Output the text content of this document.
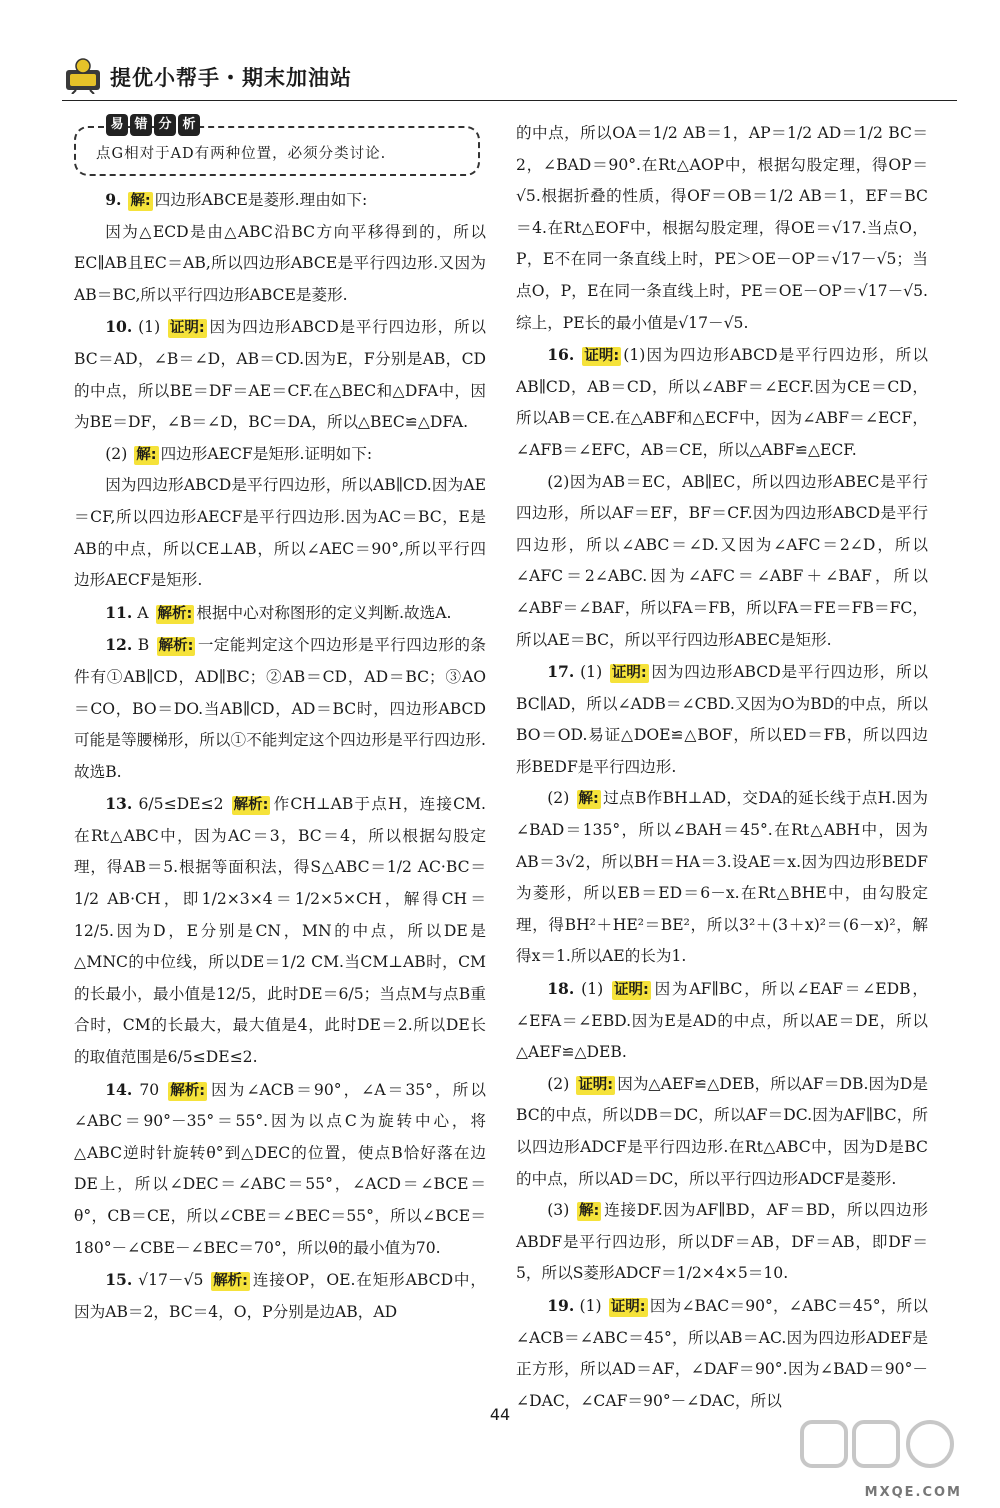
提优小帮手・期末加油站
易 错 分 析
点G相对于AD有两种位置，必须分类讨论.

9. 解: 四边形ABCE是菱形.理由如下:

因为△ECD是由△ABC沿BC方向平移得到的，所以EC∥AB且EC＝AB,所以四边形ABCE是平行四边形.又因为AB＝BC,所以平行四边形ABCE是菱形.

10. (1) 证明: 因为四边形ABCD是平行四边形，所以BC＝AD，∠B＝∠D，AB＝CD.因为E，F分别是AB，CD的中点，所以BE＝DF＝AE＝CF.在△BEC和△DFA中，因为BE＝DF，∠B＝∠D，BC＝DA，所以△BEC≌△DFA.

(2) 解: 四边形AECF是矩形.证明如下:

因为四边形ABCD是平行四边形，所以AB∥CD.因为AE＝CF,所以四边形AECF是平行四边形.因为AC＝BC，E是AB的中点，所以CE⊥AB，所以∠AEC＝90°,所以平行四边形AECF是矩形.

11. A 解析: 根据中心对称图形的定义判断.故选A.

12. B 解析: 一定能判定这个四边形是平行四边形的条件有①AB∥CD，AD∥BC；②AB＝CD，AD＝BC；③AO＝CO，BO＝DO.当AB∥CD，AD＝BC时，四边形ABCD可能是等腰梯形，所以①不能判定这个四边形是平行四边形.故选B.

13. 6/5≤DE≤2 解析: 作CH⊥AB于点H，连接CM.在Rt△ABC中，因为AC＝3，BC＝4，所以根据勾股定理，得AB＝5.根据等面积法，得S△ABC＝1/2 AC·BC＝1/2 AB·CH，即1/2×3×4＝1/2×5×CH，解得CH＝12/5.因为D，E分别是CN，MN的中点，所以DE是△MNC的中位线，所以DE＝1/2 CM.当CM⊥AB时，CM的长最小，最小值是12/5，此时DE＝6/5；当点M与点B重合时，CM的长最大，最大值是4，此时DE＝2.所以DE长的取值范围是6/5≤DE≤2.

14. 70 解析: 因为∠ACB＝90°，∠A＝35°，所以∠ABC＝90°－35°＝55°.因为以点C为旋转中心，将△ABC逆时针旋转θ°到△DEC的位置，使点B恰好落在边DE上，所以∠DEC＝∠ABC＝55°，∠ACD＝∠BCE＝θ°，CB＝CE，所以∠CBE＝∠BEC＝55°，所以∠BCE＝180°－∠CBE－∠BEC＝70°，所以θ的最小值为70.

15. √17－√5 解析: 连接OP，OE.在矩形ABCD中，因为AB＝2，BC＝4，O，P分别是边AB，AD

的中点，所以OA＝1/2 AB＝1，AP＝1/2 AD＝1/2 BC＝2，∠BAD＝90°.在Rt△AOP中，根据勾股定理，得OP＝√5.根据折叠的性质，得OF＝OB＝1/2 AB＝1，EF＝BC＝4.在Rt△EOF中，根据勾股定理，得OE＝√17.当点O，P，E不在同一条直线上时，PE＞OE－OP＝√17－√5；当点O，P，E在同一条直线上时，PE＝OE－OP＝√17－√5.综上，PE长的最小值是√17－√5.

16. 证明: (1)因为四边形ABCD是平行四边形，所以AB∥CD，AB＝CD，所以∠ABF＝∠ECF.因为CE＝CD，所以AB＝CE.在△ABF和△ECF中，因为∠ABF＝∠ECF，∠AFB＝∠EFC，AB＝CE，所以△ABF≌△ECF.

(2)因为AB＝EC，AB∥EC，所以四边形ABEC是平行四边形，所以AF＝EF，BF＝CF.因为四边形ABCD是平行四边形，所以∠ABC＝∠D.又因为∠AFC＝2∠D，所以∠AFC＝2∠ABC.因为∠AFC＝∠ABF＋∠BAF，所以∠ABF＝∠BAF，所以FA＝FB，所以FA＝FE＝FB＝FC，所以AE＝BC，所以平行四边形ABEC是矩形.

17. (1) 证明: 因为四边形ABCD是平行四边形，所以BC∥AD，所以∠ADB＝∠CBD.又因为O为BD的中点，所以BO＝OD.易证△DOE≌△BOF，所以ED＝FB，所以四边形BEDF是平行四边形.

(2) 解: 过点B作BH⊥AD，交DA的延长线于点H.因为∠BAD＝135°，所以∠BAH＝45°.在Rt△ABH中，因为AB＝3√2，所以BH＝HA＝3.设AE＝x.因为四边形BEDF为菱形，所以EB＝ED＝6－x.在Rt△BHE中，由勾股定理，得BH²＋HE²＝BE²，所以3²＋(3＋x)²＝(6－x)²，解得x＝1.所以AE的长为1.

18. (1) 证明: 因为AF∥BC，所以∠EAF＝∠EDB，∠EFA＝∠EBD.因为E是AD的中点，所以AE＝DE，所以△AEF≌△DEB.

(2) 证明: 因为△AEF≌△DEB，所以AF＝DB.因为D是BC的中点，所以DB＝DC，所以AF＝DC.因为AF∥BC，所以四边形ADCF是平行四边形.在Rt△ABC中，因为D是BC的中点，所以AD＝DC，所以平行四边形ADCF是菱形.

(3) 解: 连接DF.因为AF∥BD，AF＝BD，所以四边形ABDF是平行四边形，所以DF＝AB，DF＝AB，即DF＝5，所以S菱形ADCF＝1/2×4×5＝10.

19. (1) 证明: 因为∠BAC＝90°，∠ABC＝45°，所以∠ACB＝∠ABC＝45°，所以AB＝AC.因为四边形ADEF是正方形，所以AD＝AF，∠DAF＝90°.因为∠BAD＝90°－∠DAC，∠CAF＝90°－∠DAC，所以

44
MXQE.COM
